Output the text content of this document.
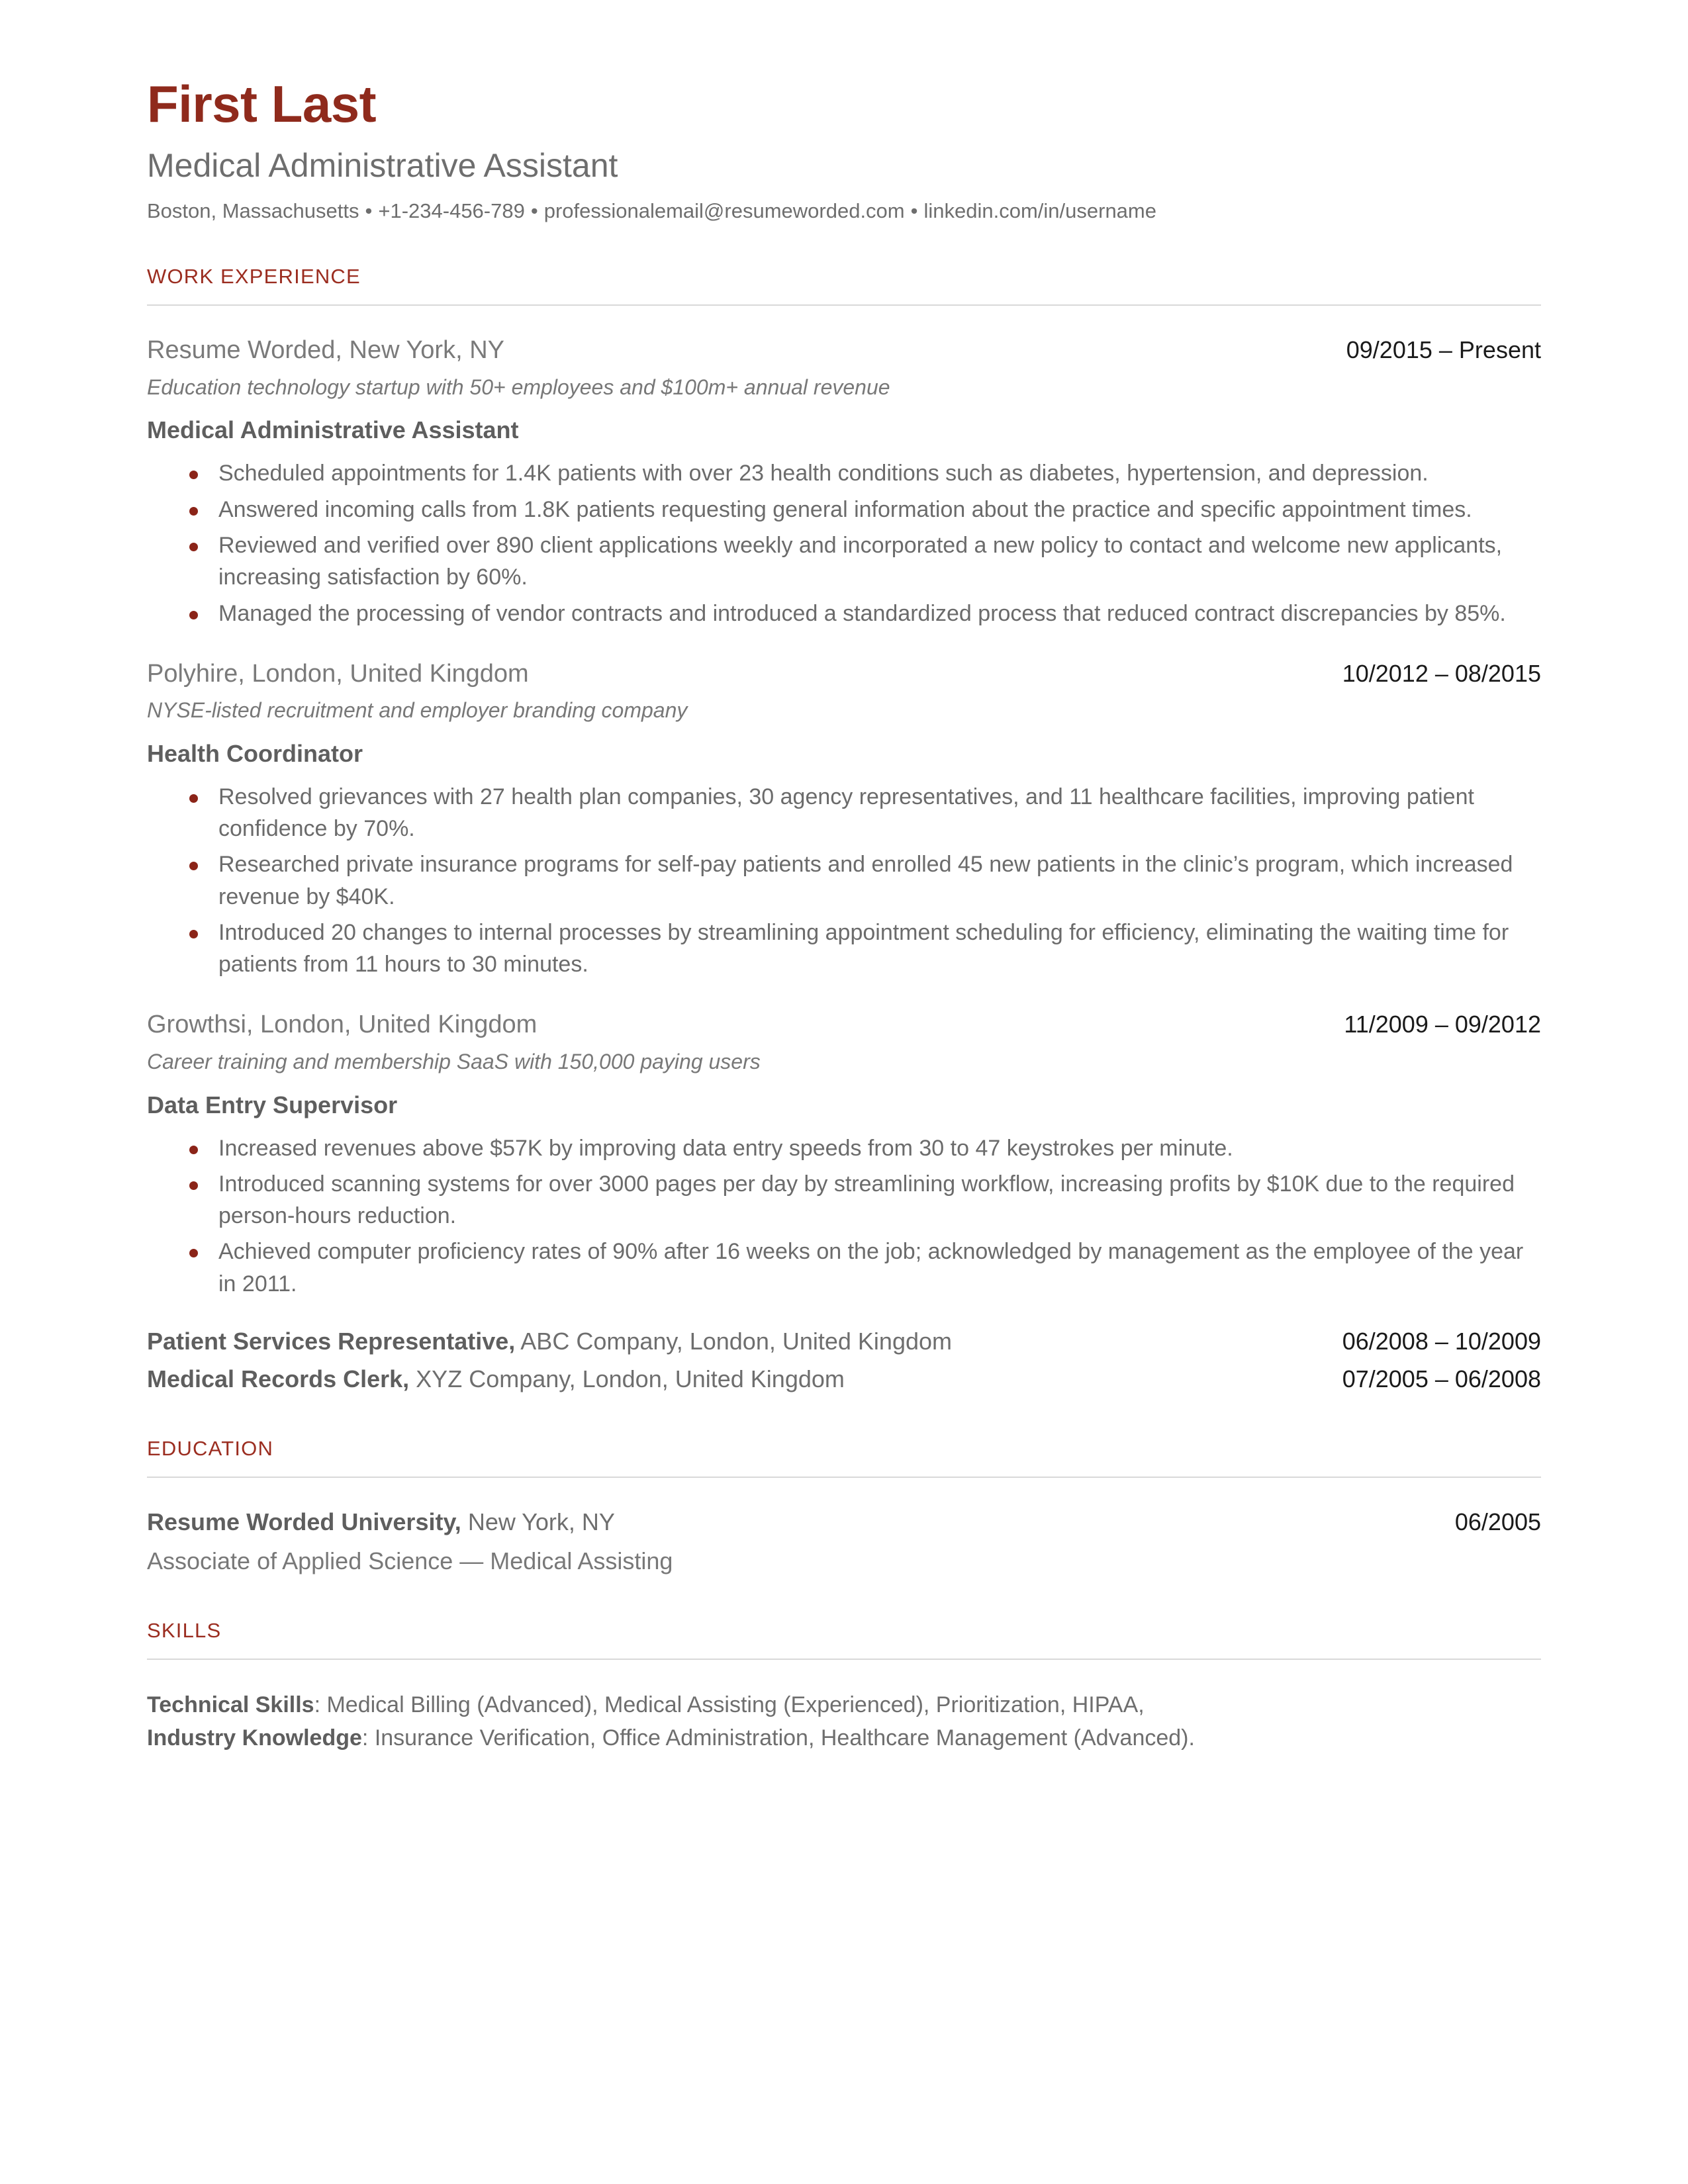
First Last
Medical Administrative Assistant
Boston, Massachusetts • +1-234-456-789 • professionalemail@resumeworded.com • linkedin.com/in/username
WORK EXPERIENCE
Resume Worded, New York, NY	09/2015 – Present
Education technology startup with 50+ employees and $100m+ annual revenue
Medical Administrative Assistant
Scheduled appointments for 1.4K patients with over 23 health conditions such as diabetes, hypertension, and depression.
Answered incoming calls from 1.8K patients requesting general information about the practice and specific appointment times.
Reviewed and verified over 890 client applications weekly and incorporated a new policy to contact and welcome new applicants, increasing satisfaction by 60%.
Managed the processing of vendor contracts and introduced a standardized process that reduced contract discrepancies by 85%.
Polyhire, London, United Kingdom	10/2012 – 08/2015
NYSE-listed recruitment and employer branding company
Health Coordinator
Resolved grievances with 27 health plan companies, 30 agency representatives, and 11 healthcare facilities, improving patient confidence by 70%.
Researched private insurance programs for self-pay patients and enrolled 45 new patients in the clinic’s program, which increased revenue by $40K.
Introduced 20 changes to internal processes by streamlining appointment scheduling for efficiency, eliminating the waiting time for patients from 11 hours to 30 minutes.
Growthsi, London, United Kingdom	11/2009 – 09/2012
Career training and membership SaaS with 150,000 paying users
Data Entry Supervisor
Increased revenues above $57K by improving data entry speeds from 30 to 47 keystrokes per minute.
Introduced scanning systems for over 3000 pages per day by streamlining workflow, increasing profits by $10K due to the required person-hours reduction.
Achieved computer proficiency rates of 90% after 16 weeks on the job; acknowledged by management as the employee of the year in 2011.
Patient Services Representative, ABC Company, London, United Kingdom	06/2008 – 10/2009
Medical Records Clerk, XYZ Company, London, United Kingdom	07/2005 – 06/2008
EDUCATION
Resume Worded University, New York, NY	06/2005
Associate of Applied Science — Medical Assisting
SKILLS
Technical Skills: Medical Billing (Advanced), Medical Assisting (Experienced), Prioritization, HIPAA,
Industry Knowledge: Insurance Verification, Office Administration, Healthcare Management (Advanced).
